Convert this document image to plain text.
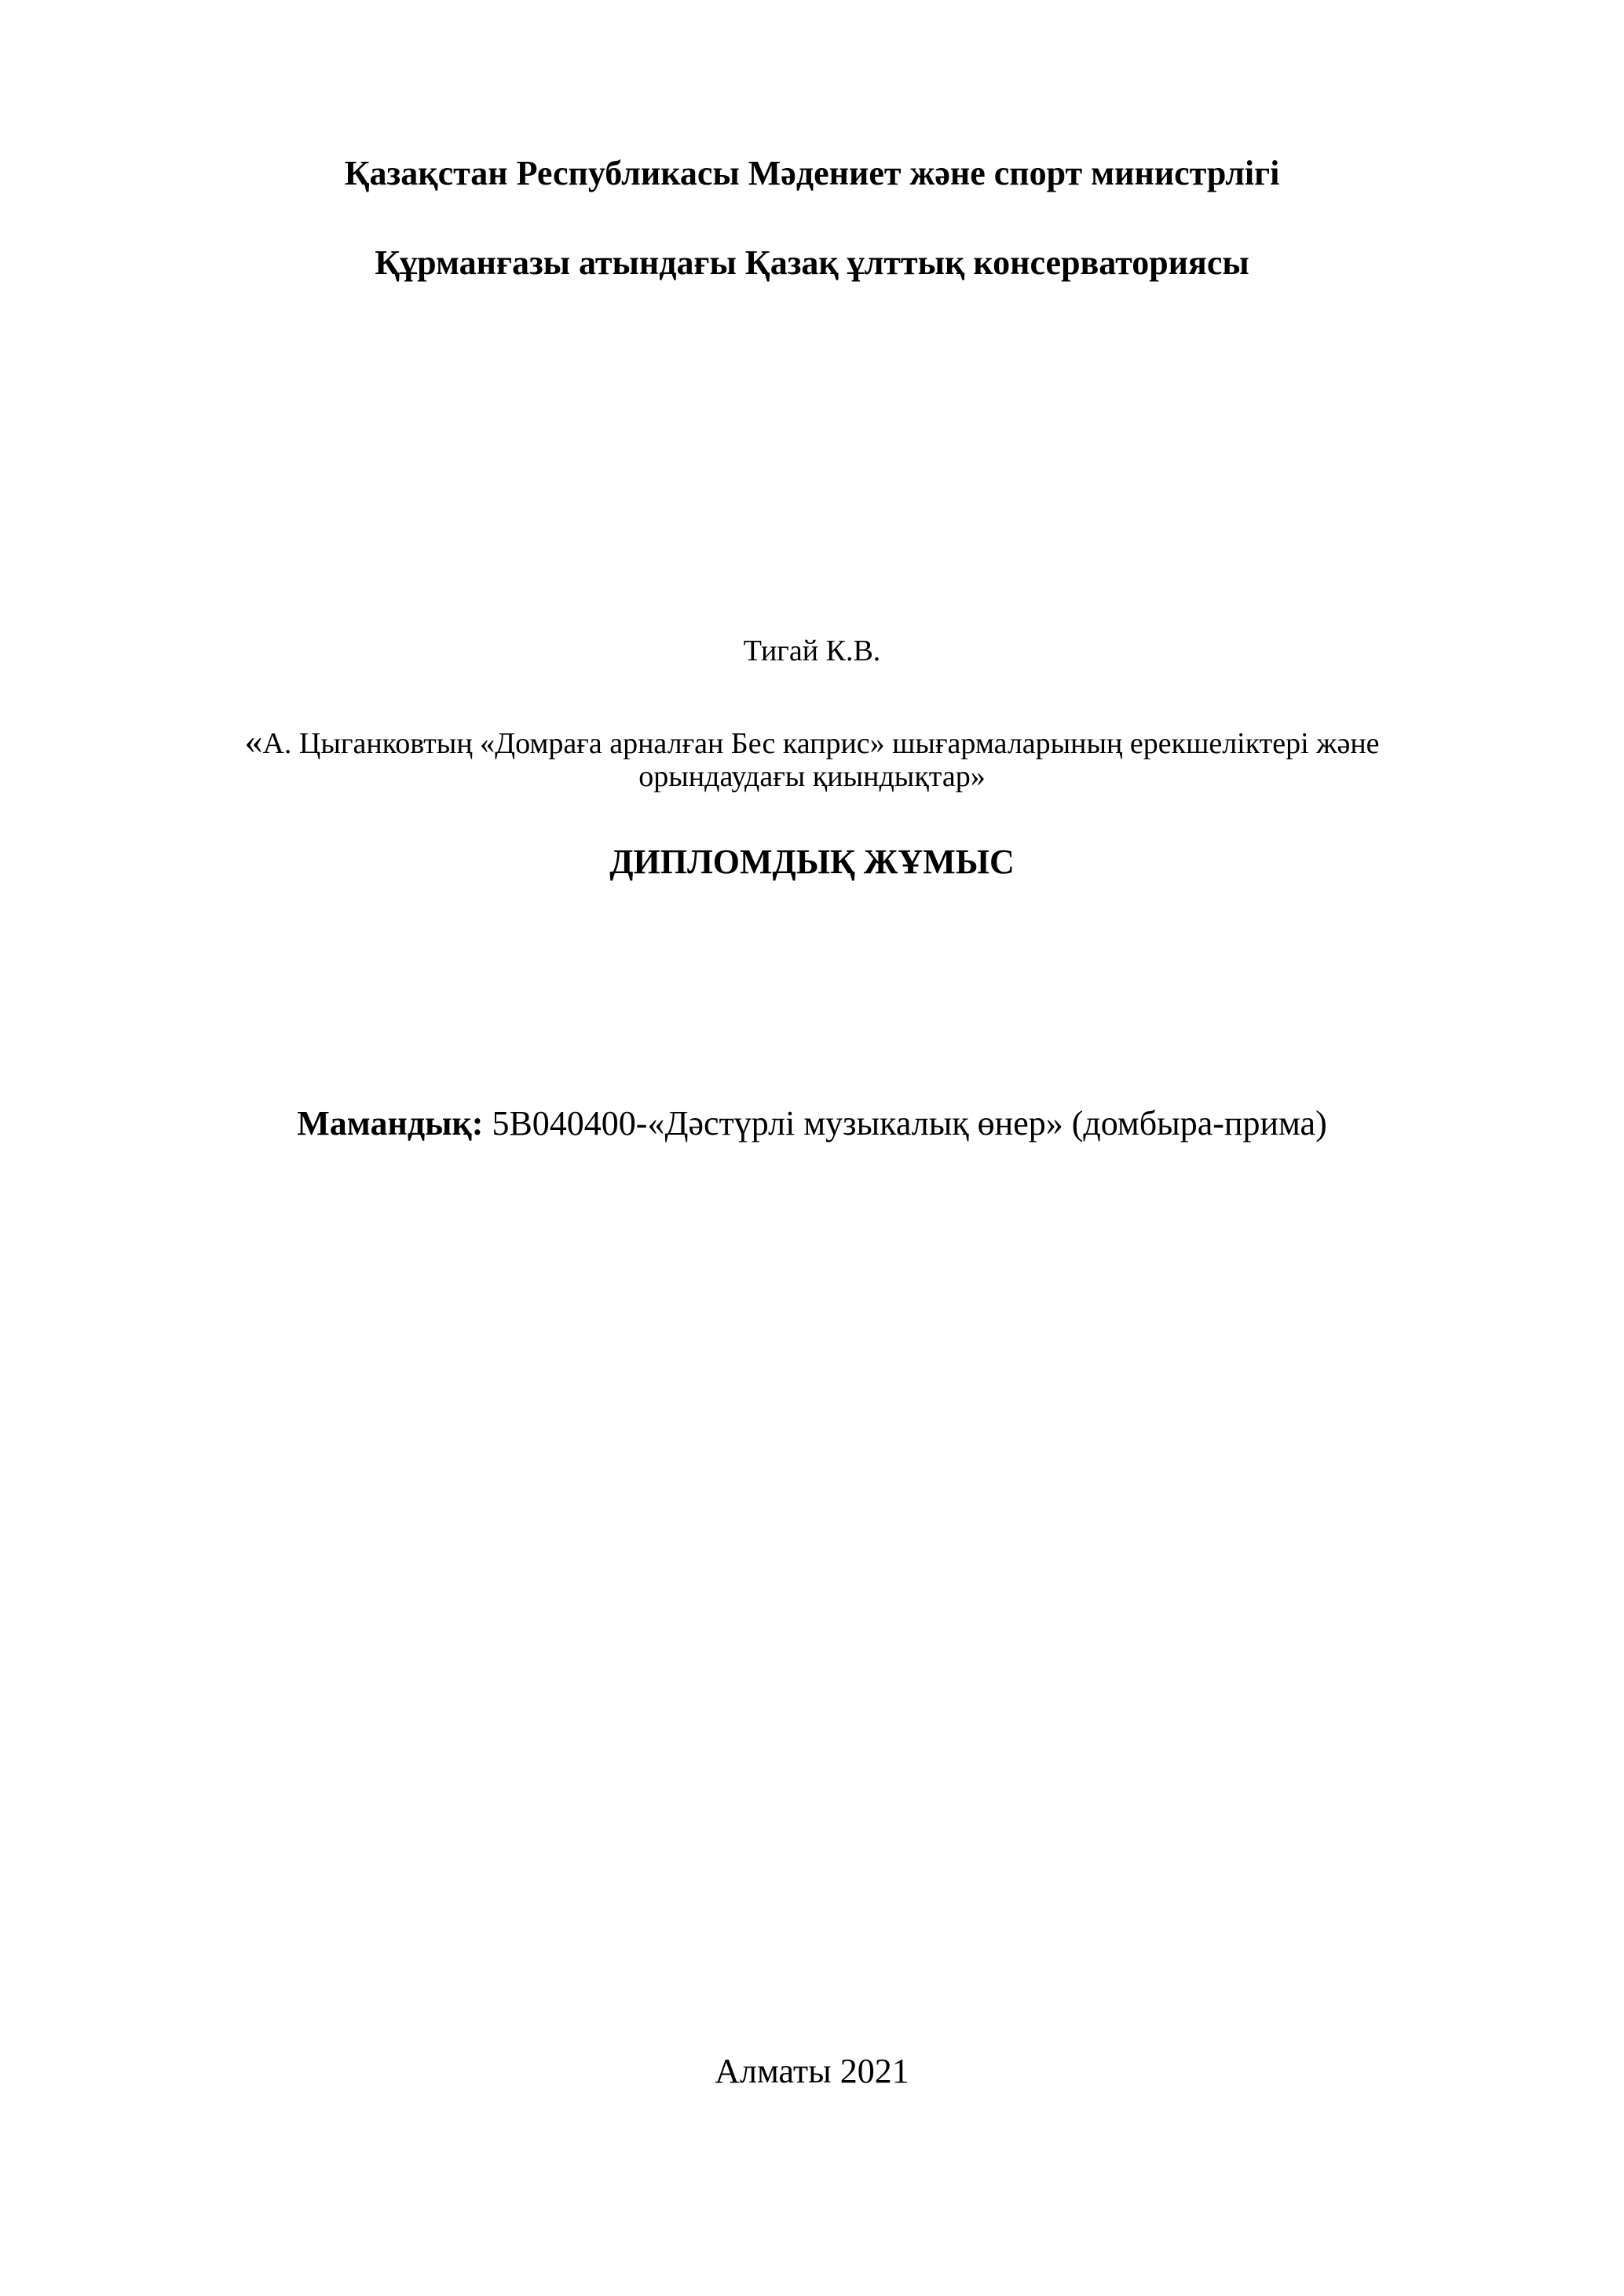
Қазақстан Республикасы Мәдениет және спорт министрлігі
Құрманғазы атындағы Қазақ ұлттық консерваториясы
Тигай К.В.
«А. Цыганковтың «Домраға арналған Бес каприс» шығармаларының ерекшеліктері және
орындаудағы қиындықтар»
ДИПЛОМДЫҚ ЖҰМЫС
Мамандық: 5В040400-«Дәстүрлі музыкалық өнер» (домбыра-прима)
Алматы 2021
